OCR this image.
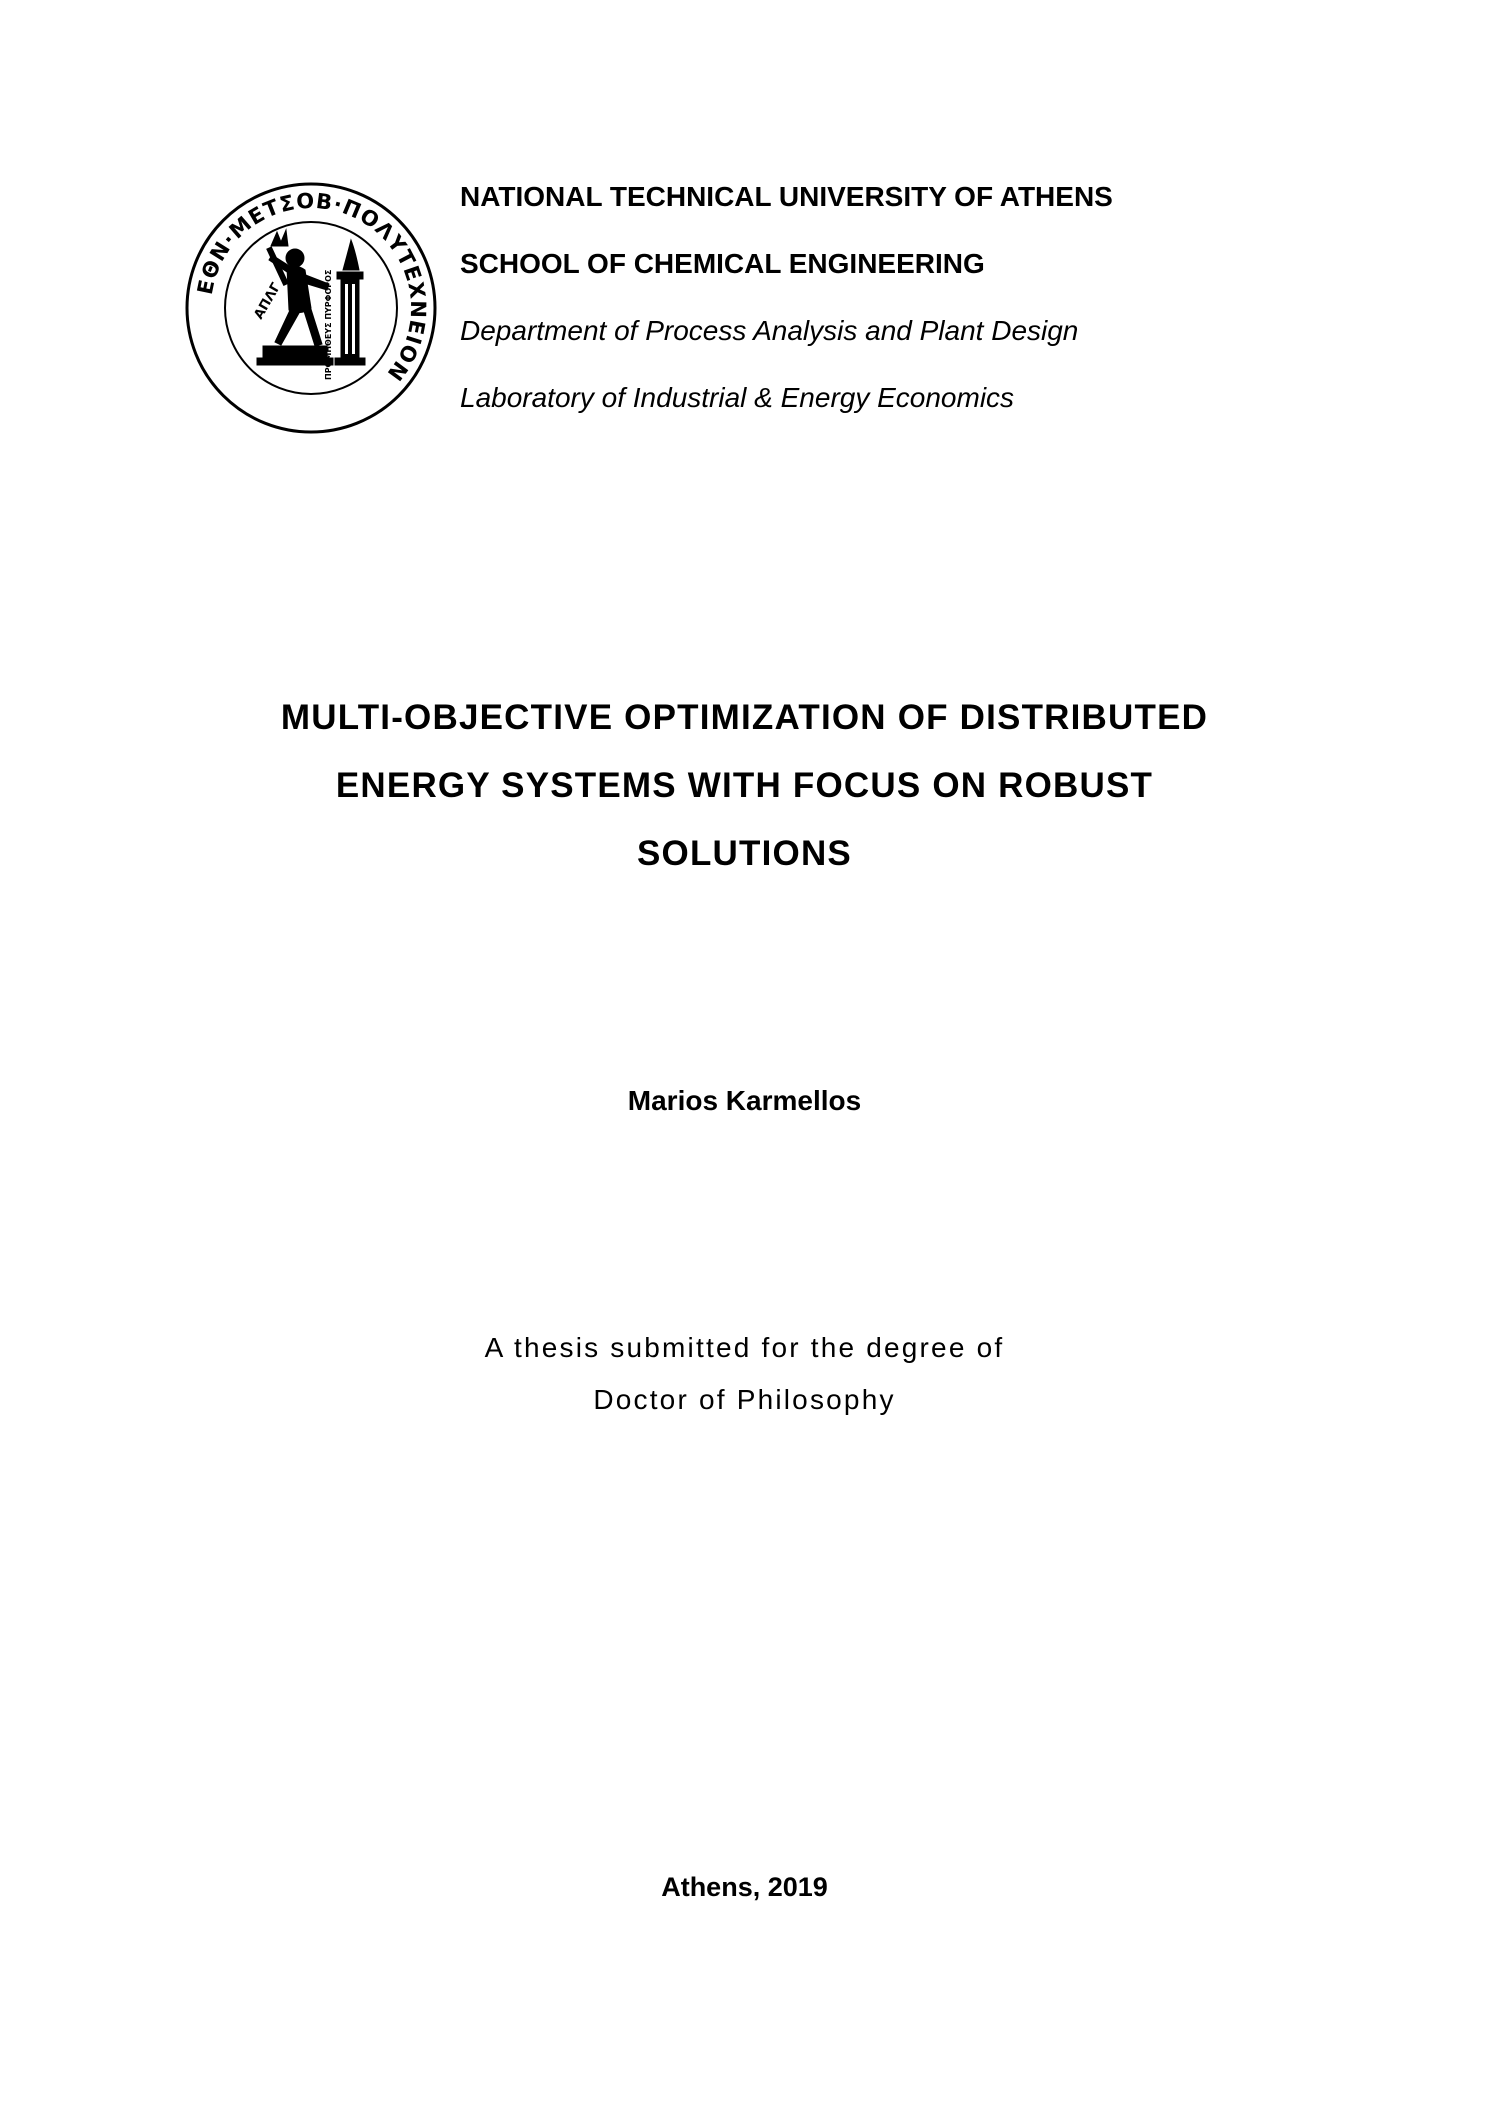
ΕΘΝ·ΜΕΤΣΟΒ·ΠΟΛΥΤΕΧΝΕΙΟΝ
ΑΠΛΓ	ΠΡΟΜΗΘΕΥΣ ΠΥΡΦΟΡΟΣ
NATIONAL TECHNICAL UNIVERSITY OF ATHENS
SCHOOL OF CHEMICAL ENGINEERING
Department of Process Analysis and Plant Design
Laboratory of Industrial & Energy Economics
MULTI-OBJECTIVE OPTIMIZATION OF DISTRIBUTED
ENERGY SYSTEMS WITH FOCUS ON ROBUST
SOLUTIONS
Marios Karmellos
A thesis submitted for the degree of
Doctor of Philosophy
Athens, 2019
